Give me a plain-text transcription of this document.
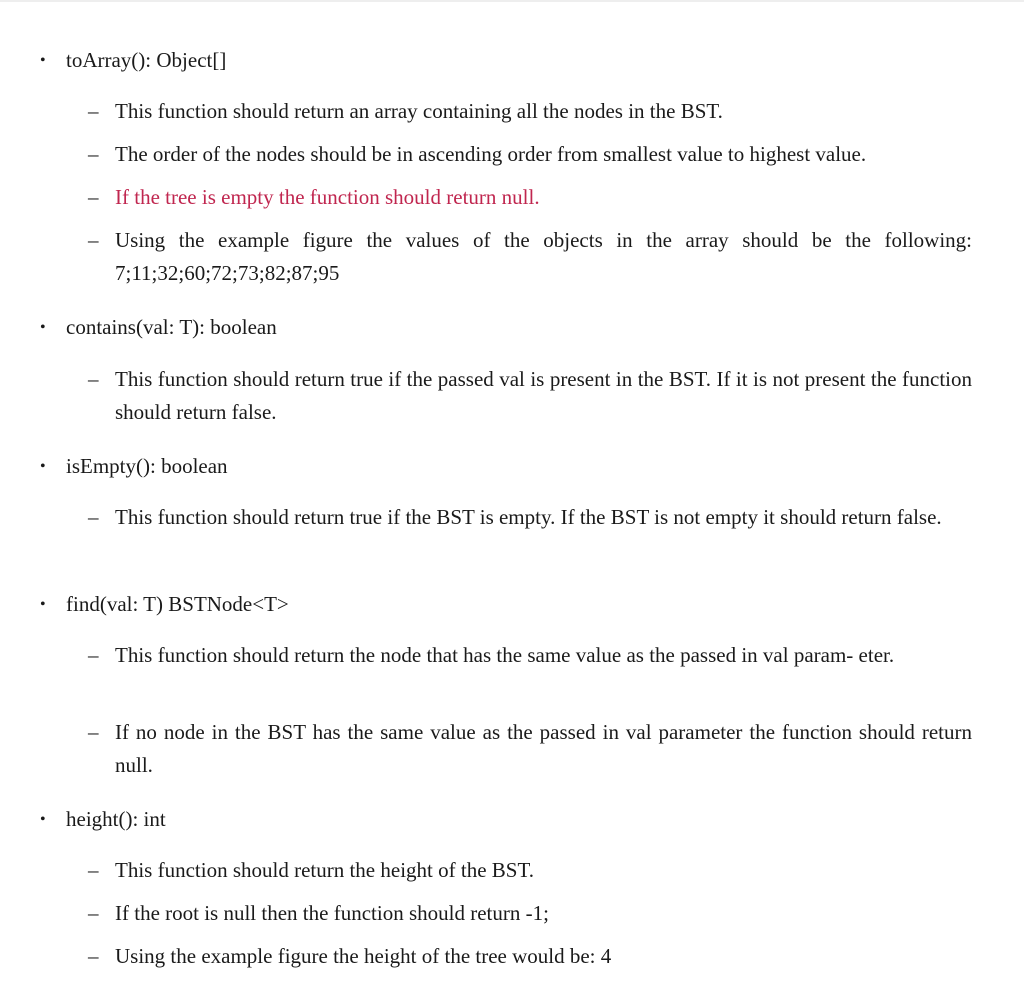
• toArray(): Object[]
– This function should return an array containing all the nodes in the BST.
– The order of the nodes should be in ascending order from smallest value to highest value.
– If the tree is empty the function should return null.
– Using the example figure the values of the objects in the array should be the following: 7;11;32;60;72;73;82;87;95
• contains(val: T): boolean
– This function should return true if the passed val is present in the BST. If it is not present the function should return false.
• isEmpty(): boolean
– This function should return true if the BST is empty. If the BST is not empty it should return false.
• find(val: T) BSTNode<T>
– This function should return the node that has the same value as the passed in val param- eter.
– If no node in the BST has the same value as the passed in val parameter the function should return null.
• height(): int
– This function should return the height of the BST.
– If the root is null then the function should return -1;
– Using the example figure the height of the tree would be: 4
